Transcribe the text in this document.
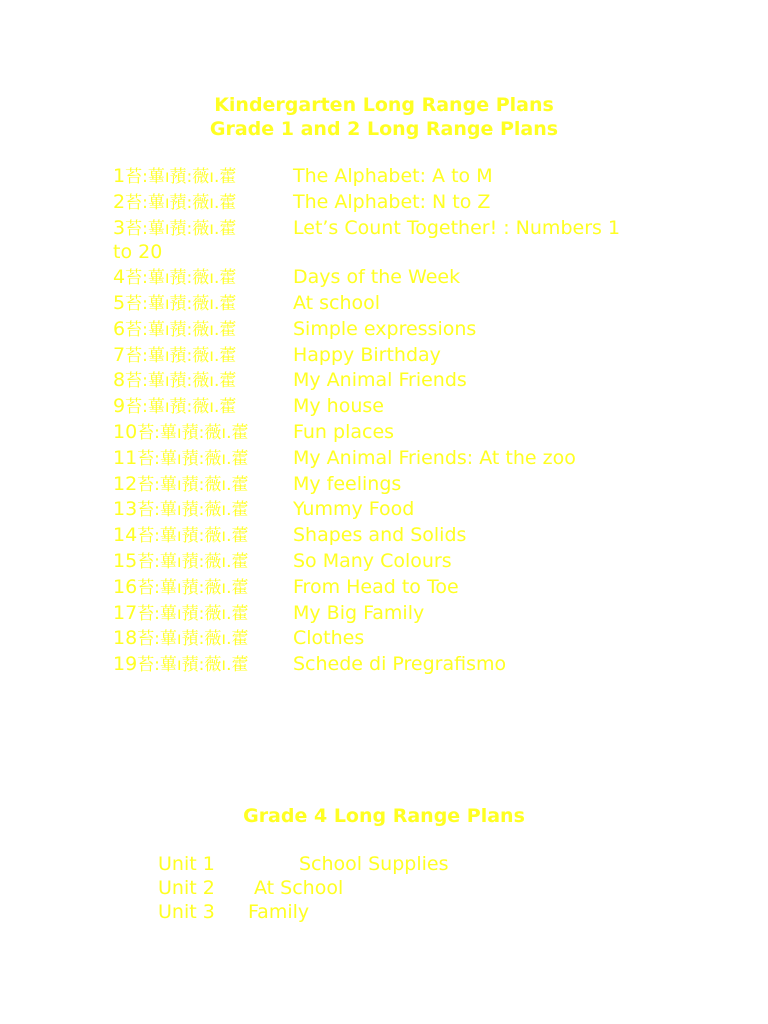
Kindergarten Long Range Plans
Grade 1 and 2 Long Range Plans
1苔:蓽ı蕷:薇ı.藿	The Alphabet: A to M
2苔:蓽ı蕷:薇ı.藿	The Alphabet: N to Z
3苔:蓽ı蕷:薇ı.藿	Let’s Count Together! : Numbers 1 to 20
4苔:蓽ı蕷:薇ı.藿	Days of the Week
5苔:蓽ı蕷:薇ı.藿	At school
6苔:蓽ı蕷:薇ı.藿	Simple expressions
7苔:蓽ı蕷:薇ı.藿	Happy Birthday
8苔:蓽ı蕷:薇ı.藿	My Animal Friends
9苔:蓽ı蕷:薇ı.藿	My house
10苔:蓽ı蕷:薇ı.藿 Fun places
11苔:蓽ı蕷:薇ı.藿 My Animal Friends: At the zoo
12苔:蓽ı蕷:薇ı.藿 My feelings
13苔:蓽ı蕷:薇ı.藿 Yummy Food
14苔:蓽ı蕷:薇ı.藿 Shapes and Solids
15苔:蓽ı蕷:薇ı.藿 So Many Colours
16苔:蓽ı蕷:薇ı.藿 From Head to Toe
17苔:蓽ı蕷:薇ı.藿 My Big Family
18苔:蓽ı蕷:薇ı.藿 Clothes
19苔:蓽ı蕷:薇ı.藿 Schede di Pregrafismo
Grade 4 Long Range Plans
Unit 1	School Supplies
Unit 2 At School
Unit 3 Family
